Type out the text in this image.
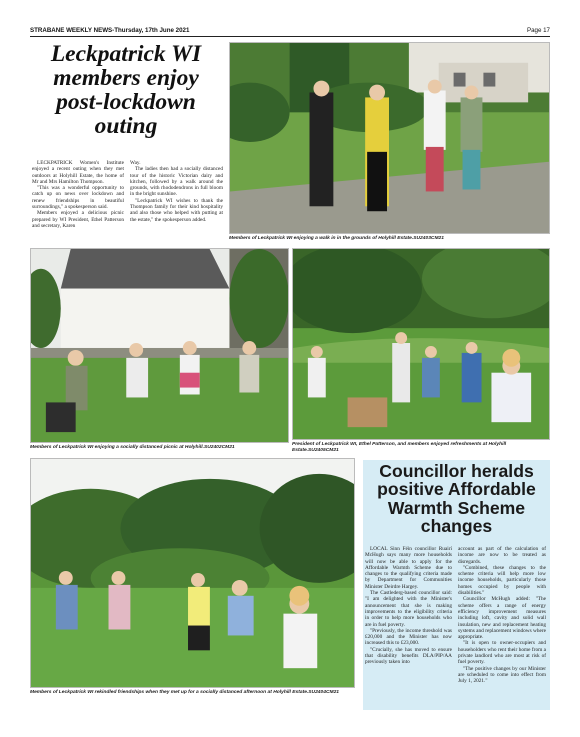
STRABANE WEEKLY NEWS-Thursday, 17th June 2021	Page 17
Leckpatrick WI members enjoy post-lockdown outing

LECKPATRICK Women's Institute enjoyed a recent outing when they met outdoors at Holyhill Estate, the home of Mr and Mrs Hamilton Thompson.

"This was a wonderful opportunity to catch up on news over lockdown and renew friendships in beautiful surroundings," a spokesperson said.

Members enjoyed a delicious picnic prepared by WI President, Ethel Patterson and secretary, Karen

Way.

The ladies then had a socially distanced tour of the historic Victorian dairy and kitchen, followed by a walk around the grounds, with rhododendrons in full bloom in the bright sunshine.

"Leckpatrick WI wishes to thank the Thompson family for their kind hospitality and also those who helped with putting at the estate," the spokesperson added.

Members of Leckpatrick WI enjoying a walk in in the grounds of Holyhill Estate.SU2403CM21
Members of Leckpatrick WI enjoying a socially distanced picnic at Holyhill.SU2402CM21
President of Leckpatrick WI, Ethel Patterson, and members enjoyed refreshments at Holyhill Estate.SU2405CM21
Members of Leckpatrick WI rekindled friendships when they met up for a socially distanced afternoon at Holyhill Estate.SU2404CM21
Councillor heralds positive Affordable Warmth Scheme changes

LOCAL Sinn Féin councillor Ruairí McHugh says many more households will now be able to apply for the Affordable Warmth Scheme due to changes to the qualifying criteria made by Department for Communities Minister Deirdre Hargey.

The Castlederg-based councillor said: "I am delighted with the Minister's announcement that she is making improvements to the eligibility criteria in order to help more households who are in fuel poverty.

"Previously, the income threshold was £20,000 and the Minister has now increased this to £23,000.

"Crucially, she has moved to ensure that disability benefits DLA/PIP/AA previously taken into

account as part of the calculation of income are now to be treated as disregards.

"Combined, these changes to the scheme criteria will help more low income households, particularly those homes occupied by people with disabilities."

Councillor McHugh added: "The scheme offers a range of energy efficiency improvement measures including loft, cavity and solid wall insulation, new and replacement heating systems and replacement windows where appropriate.

"It is open to owner-occupiers and householders who rent their home from a private landlord who are most at risk of fuel poverty.

"The positive changes by our Minister are scheduled to come into effect from July 1, 2021."
